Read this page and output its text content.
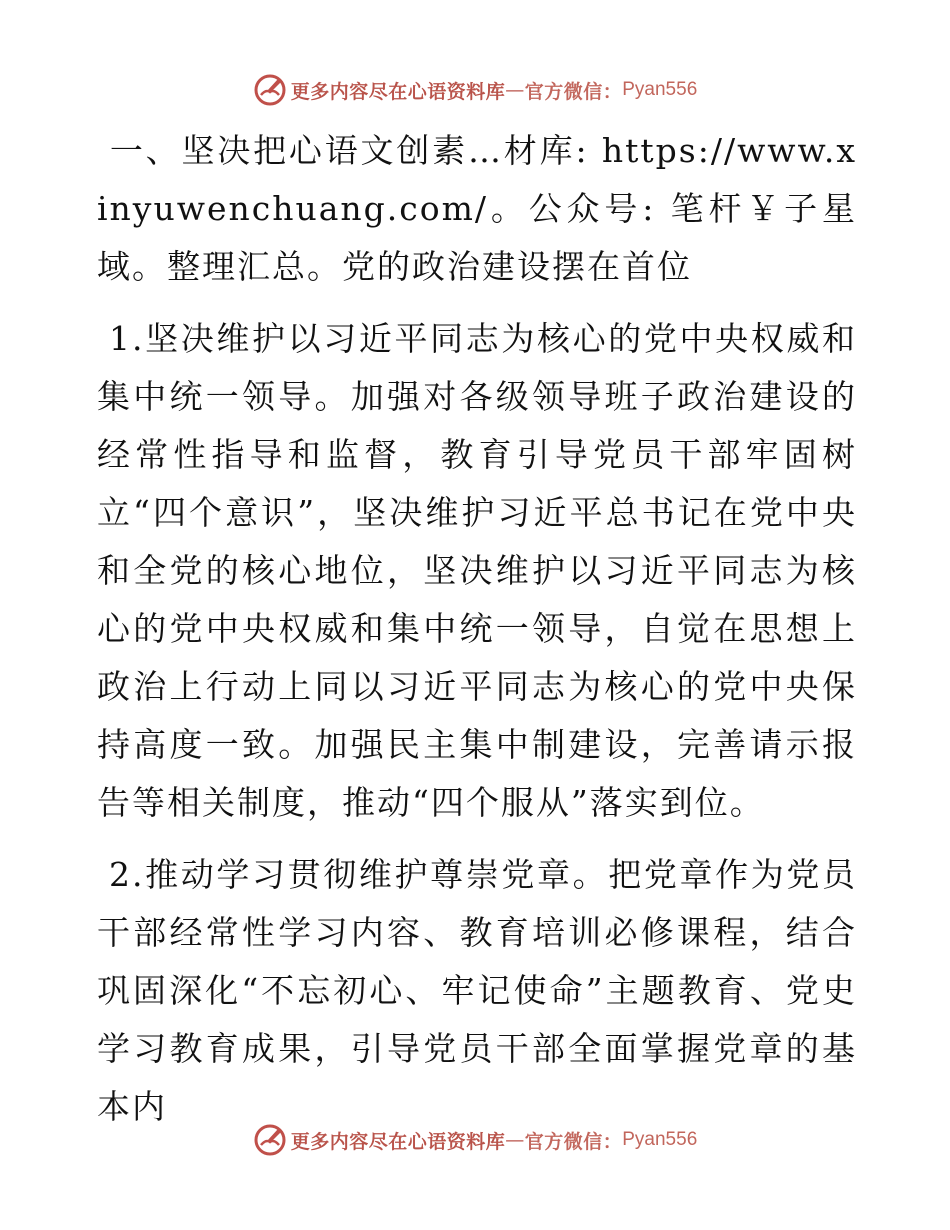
更多内容尽在心语资料库 — 官方微信： Pyan556

一、坚决把心语文创素…材库: https://www.xinyuwenchuang.com/。公众号: 笔杆￥子星域。整理汇总。党的政治建设摆在首位

1.坚决维护以习近平同志为核心的党中央权威和集中统一领导。加强对各级领导班子政治建设的经常性指导和监督，教育引导党员干部牢固树立“四个意识”，坚决维护习近平总书记在党中央和全党的核心地位，坚决维护以习近平同志为核心的党中央权威和集中统一领导，自觉在思想上政治上行动上同以习近平同志为核心的党中央保持高度一致。加强民主集中制建设，完善请示报告等相关制度，推动“四个服从”落实到位。

2.推动学习贯彻维护尊崇党章。把党章作为党员干部经常性学习内容、教育培训必修课程，结合巩固深化“不忘初心、牢记使命”主题教育、党史学习教育成果，引导党员干部全面掌握党章的基本内

更多内容尽在心语资料库 — 官方微信： Pyan556
